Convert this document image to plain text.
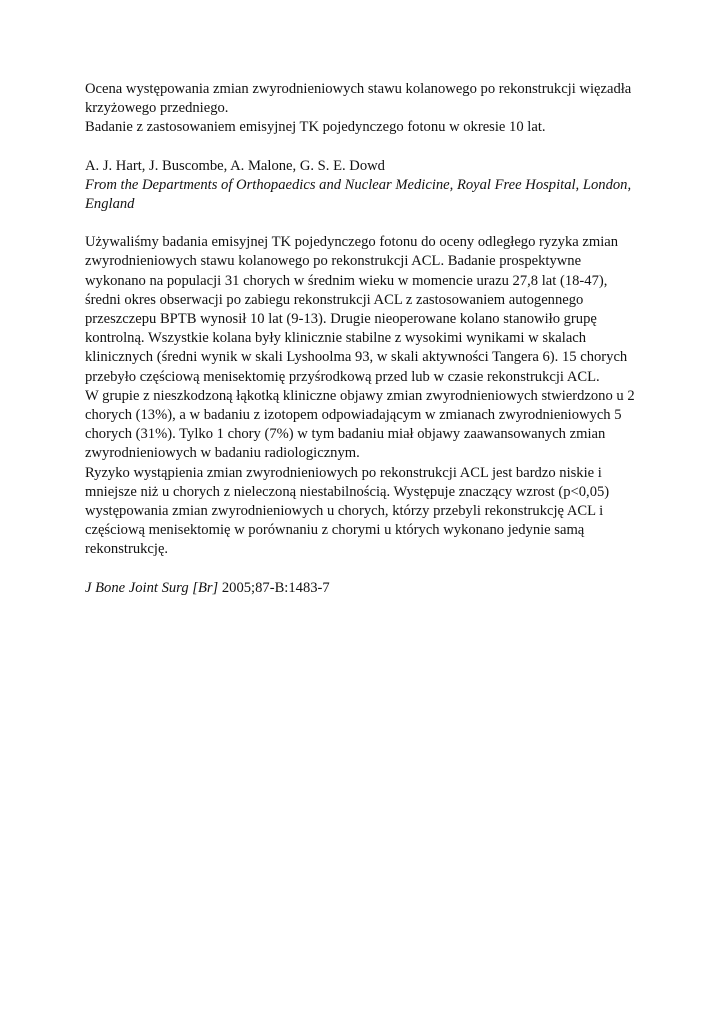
Ocena występowania zmian zwyrodnieniowych stawu kolanowego po rekonstrukcji więzadła
krzyżowego przedniego.
Badanie z zastosowaniem emisyjnej TK pojedynczego fotonu w okresie 10 lat.
A. J. Hart, J. Buscombe, A. Malone, G. S. E. Dowd
From the Departments of Orthopaedics and Nuclear Medicine, Royal Free Hospital, London,
England
Używaliśmy badania emisyjnej TK pojedynczego fotonu do oceny odległego ryzyka zmian
zwyrodnieniowych stawu kolanowego po rekonstrukcji ACL. Badanie prospektywne
wykonano na populacji 31 chorych w średnim wieku w momencie urazu 27,8 lat (18-47),
średni okres obserwacji po zabiegu rekonstrukcji ACL z zastosowaniem autogennego
przeszczepu BPTB wynosił 10 lat (9-13). Drugie nieoperowane kolano stanowiło grupę
kontrolną. Wszystkie kolana były klinicznie stabilne z wysokimi wynikami w skalach
klinicznych (średni wynik w skali Lyshoolma 93, w skali aktywności Tangera 6). 15 chorych
przebyło częściową menisektomię przyśrodkową przed lub w czasie rekonstrukcji ACL.
W grupie z nieszkodzoną łąkotką kliniczne objawy zmian zwyrodnieniowych stwierdzono u 2
chorych (13%), a w badaniu z izotopem odpowiadającym w zmianach zwyrodnieniowych 5
chorych (31%). Tylko 1 chory (7%) w tym badaniu miał objawy zaawansowanych zmian
zwyrodnieniowych w badaniu radiologicznym.
Ryzyko wystąpienia zmian zwyrodnieniowych po rekonstrukcji ACL jest bardzo niskie i
mniejsze niż u chorych z nieleczoną niestabilnością. Występuje znaczący wzrost (p<0,05)
występowania zmian zwyrodnieniowych u chorych, którzy przebyli rekonstrukcję ACL i
częściową menisektomię w porównaniu z chorymi u których wykonano jedynie samą
rekonstrukcję.
J Bone Joint Surg [Br] 2005;87-B:1483-7
